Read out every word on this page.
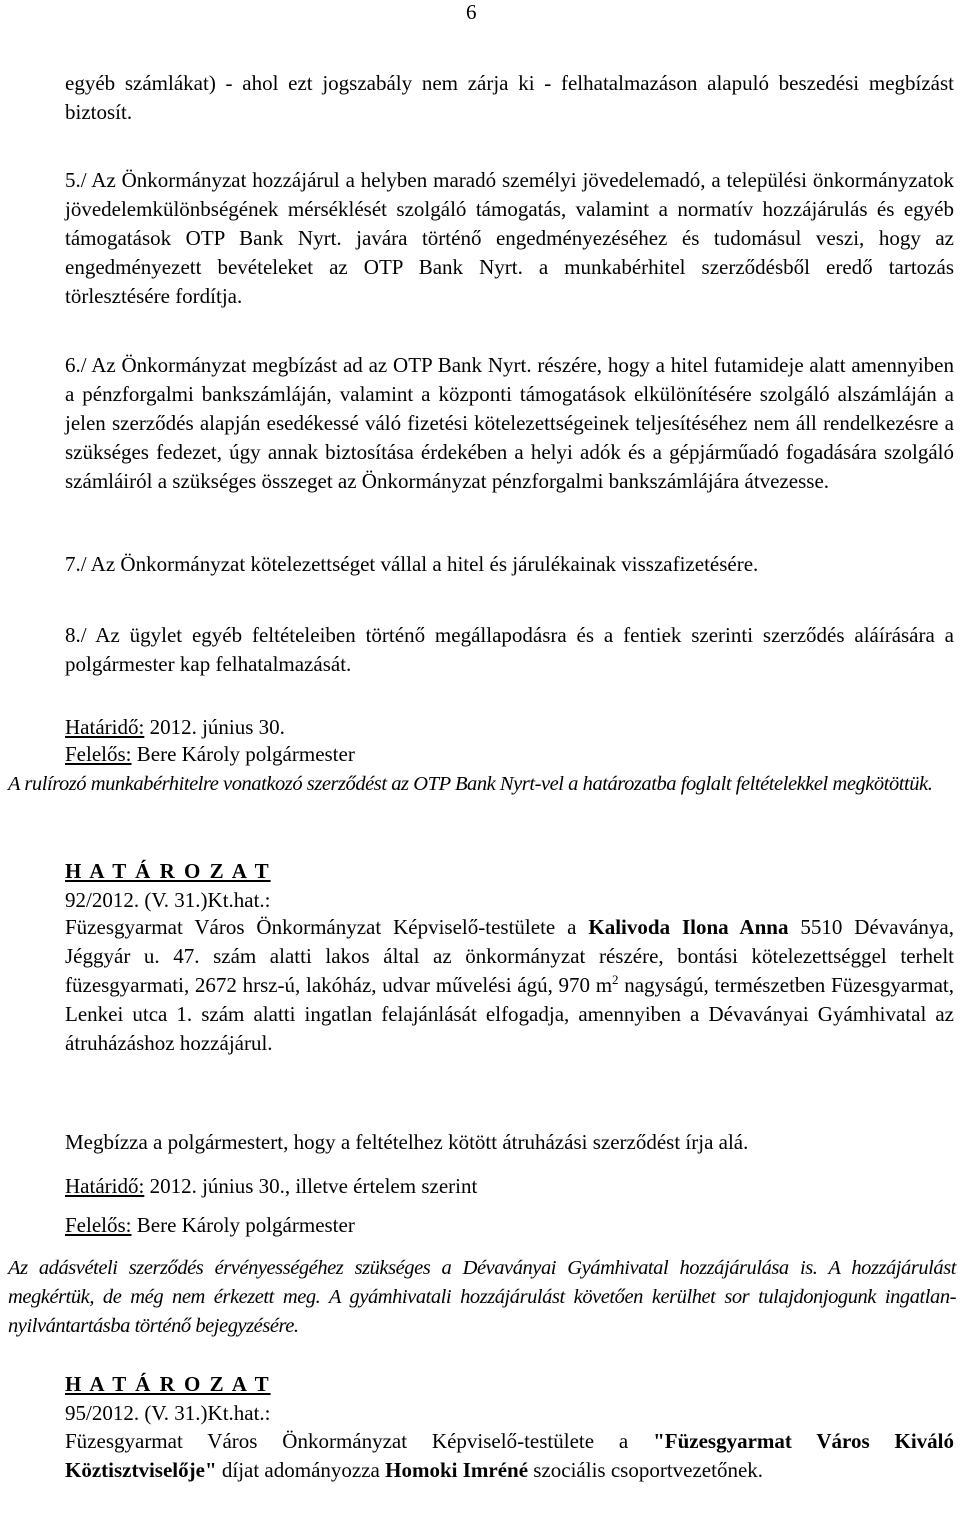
6

egyéb számlákat) - ahol ezt jogszabály nem zárja ki - felhatalmazáson alapuló beszedési megbízást biztosít.

5./ Az Önkormányzat hozzájárul a helyben maradó személyi jövedelemadó, a települési önkormányzatok jövedelemkülönbségének mérséklését szolgáló támogatás, valamint a normatív hozzájárulás és egyéb támogatások OTP Bank Nyrt. javára történő engedményezéséhez és tudomásul veszi, hogy az engedményezett bevételeket az OTP Bank Nyrt. a munkabérhitel szerződésből eredő tartozás törlesztésére fordítja.

6./ Az Önkormányzat megbízást ad az OTP Bank Nyrt. részére, hogy a hitel futamideje alatt amennyiben a pénzforgalmi bankszámláján, valamint a központi támogatások elkülönítésére szolgáló alszámláján a jelen szerződés alapján esedékessé váló fizetési kötelezettségeinek teljesítéséhez nem áll rendelkezésre a szükséges fedezet, úgy annak biztosítása érdekében a helyi adók és a gépjárműadó fogadására szolgáló számláiról a szükséges összeget az Önkormányzat pénzforgalmi bankszámlájára átvezesse.

7./ Az Önkormányzat kötelezettséget vállal a hitel és járulékainak visszafizetésére.

8./ Az ügylet egyéb feltételeiben történő megállapodásra és a fentiek szerinti szerződés aláírására a polgármester kap felhatalmazását.

Határidő: 2012. június 30.
Felelős: Bere Károly polgármester

A rulírozó munkabérhitelre vonatkozó szerződést az OTP Bank Nyrt-vel a határozatba foglalt feltételekkel megkötöttük.

H A T Á R O Z A T
92/2012. (V. 31.)Kt.hat.:

Füzesgyarmat Város Önkormányzat Képviselő-testülete a Kalivoda Ilona Anna 5510 Dévaványa, Jéggyár u. 47. szám alatti lakos által az önkormányzat részére, bontási kötelezettséggel terhelt füzesgyarmati, 2672 hrsz-ú, lakóház, udvar művelési ágú, 970 $m^2$ nagyságú, természetben Füzesgyarmat, Lenkei utca 1. szám alatti ingatlan felajánlását elfogadja, amennyiben a Dévaványai Gyámhivatal az átruházáshoz hozzájárul.

Megbízza a polgármestert, hogy a feltételhez kötött átruházási szerződést írja alá.

Határidő: 2012. június 30., illetve értelem szerint
Felelős: Bere Károly polgármester

Az adásvételi szerződés érvényességéhez szükséges a Dévaványai Gyámhivatal hozzájárulása is. A hozzájárulást megkértük, de még nem érkezett meg. A gyámhivatali hozzájárulást követően kerülhet sor tulajdonjogunk ingatlan-nyilvántartásba történő bejegyzésére.

H A T Á R O Z A T
95/2012. (V. 31.)Kt.hat.:

Füzesgyarmat Város Önkormányzat Képviselő-testülete a "Füzesgyarmat Város Kiváló Köztisztviselője" díjat adományozza Homoki Imréné szociális csoportvezetőnek.
